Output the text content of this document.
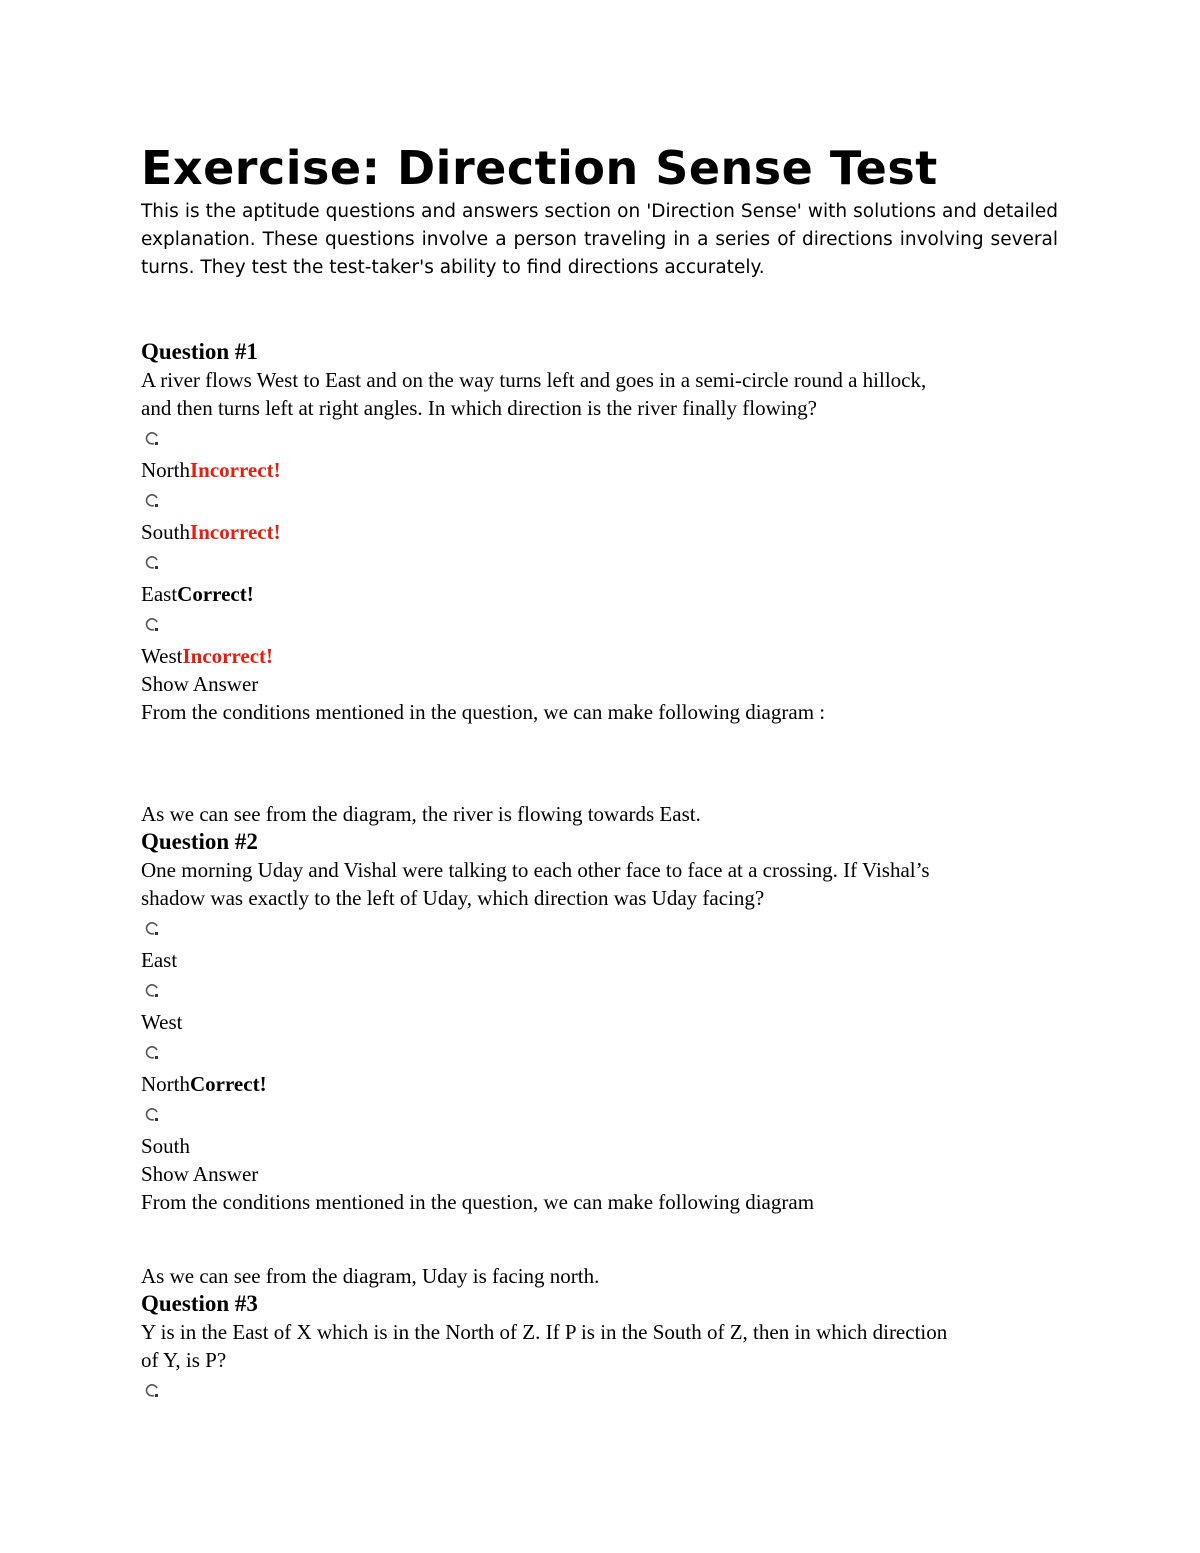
Exercise: Direction Sense Test

This is the aptitude questions and answers section on 'Direction Sense' with solutions and detailed explanation. These questions involve a person traveling in a series of directions involving several turns. They test the test-taker's ability to find directions accurately.

Question #1

A river flows West to East and on the way turns left and goes in a semi-circle round a hillock,

and then turns left at right angles. In which direction is the river finally flowing?

NorthIncorrect!

SouthIncorrect!

EastCorrect!

WestIncorrect!

Show Answer

From the conditions mentioned in the question, we can make following diagram :

As we can see from the diagram, the river is flowing towards East.

Question #2

One morning Uday and Vishal were talking to each other face to face at a crossing. If Vishal’s

shadow was exactly to the left of Uday, which direction was Uday facing?

East

West

NorthCorrect!

South

Show Answer

From the conditions mentioned in the question, we can make following diagram

As we can see from the diagram, Uday is facing north.

Question #3

Y is in the East of X which is in the North of Z. If P is in the South of Z, then in which direction

of Y, is P?
